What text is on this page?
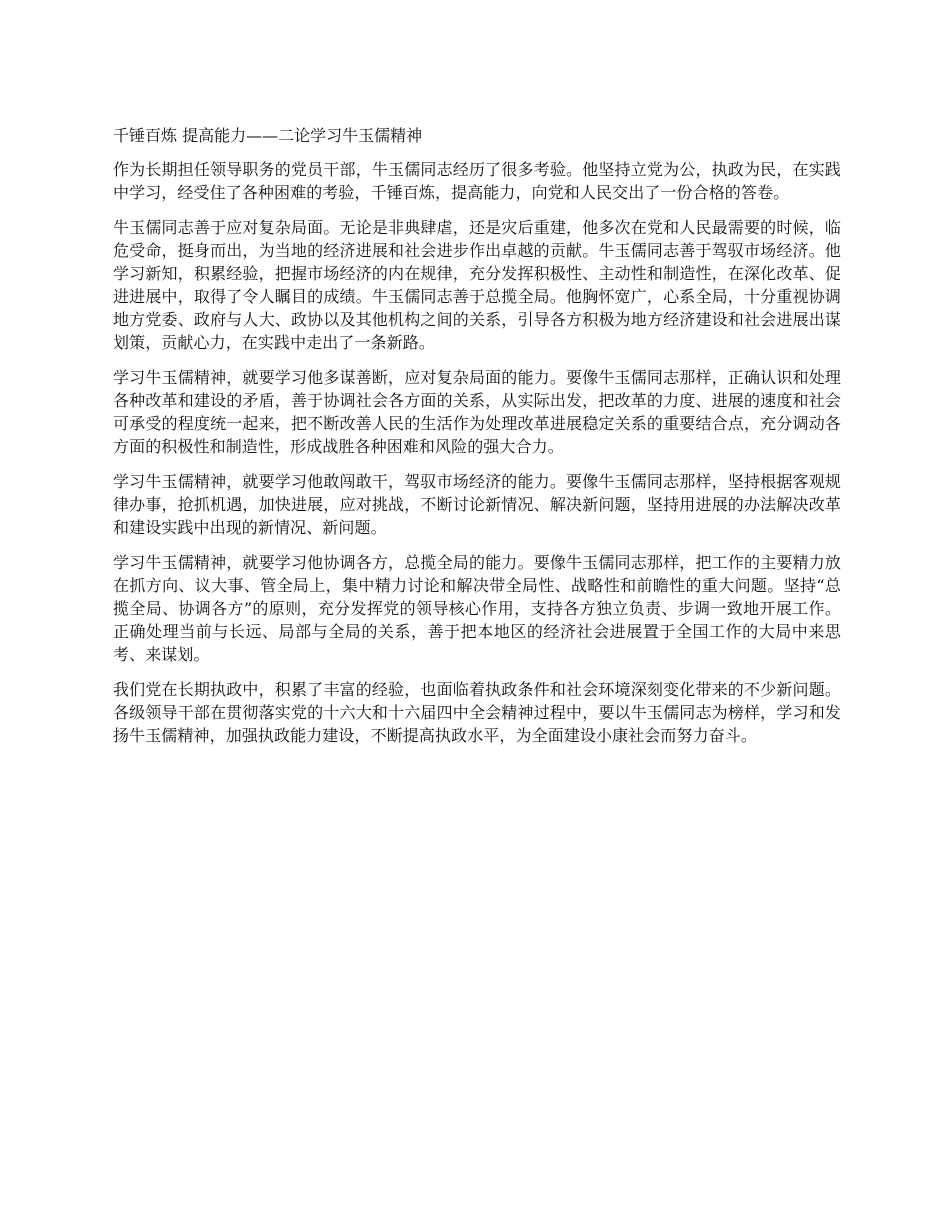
千锤百炼 提高能力——二论学习牛玉儒精神

作为长期担任领导职务的党员干部，牛玉儒同志经历了很多考验。他坚持立党为公，执政为民，在实践中学习，经受住了各种困难的考验，千锤百炼，提高能力，向党和人民交出了一份合格的答卷。

牛玉儒同志善于应对复杂局面。无论是非典肆虐，还是灾后重建，他多次在党和人民最需要的时候，临危受命，挺身而出，为当地的经济进展和社会进步作出卓越的贡献。牛玉儒同志善于驾驭市场经济。他学习新知，积累经验，把握市场经济的内在规律，充分发挥积极性、主动性和制造性，在深化改革、促进进展中，取得了令人瞩目的成绩。牛玉儒同志善于总揽全局。他胸怀宽广，心系全局，十分重视协调地方党委、政府与人大、政协以及其他机构之间的关系，引导各方积极为地方经济建设和社会进展出谋划策，贡献心力，在实践中走出了一条新路。

学习牛玉儒精神，就要学习他多谋善断，应对复杂局面的能力。要像牛玉儒同志那样，正确认识和处理各种改革和建设的矛盾，善于协调社会各方面的关系，从实际出发，把改革的力度、进展的速度和社会可承受的程度统一起来，把不断改善人民的生活作为处理改革进展稳定关系的重要结合点，充分调动各方面的积极性和制造性，形成战胜各种困难和风险的强大合力。

学习牛玉儒精神，就要学习他敢闯敢干，驾驭市场经济的能力。要像牛玉儒同志那样，坚持根据客观规律办事，抢抓机遇，加快进展，应对挑战，不断讨论新情况、解决新问题，坚持用进展的办法解决改革和建设实践中出现的新情况、新问题。

学习牛玉儒精神，就要学习他协调各方，总揽全局的能力。要像牛玉儒同志那样，把工作的主要精力放在抓方向、议大事、管全局上，集中精力讨论和解决带全局性、战略性和前瞻性的重大问题。坚持“总揽全局、协调各方”的原则，充分发挥党的领导核心作用，支持各方独立负责、步调一致地开展工作。正确处理当前与长远、局部与全局的关系，善于把本地区的经济社会进展置于全国工作的大局中来思考、来谋划。

我们党在长期执政中，积累了丰富的经验，也面临着执政条件和社会环境深刻变化带来的不少新问题。各级领导干部在贯彻落实党的十六大和十六届四中全会精神过程中，要以牛玉儒同志为榜样，学习和发扬牛玉儒精神，加强执政能力建设，不断提高执政水平，为全面建设小康社会而努力奋斗。
